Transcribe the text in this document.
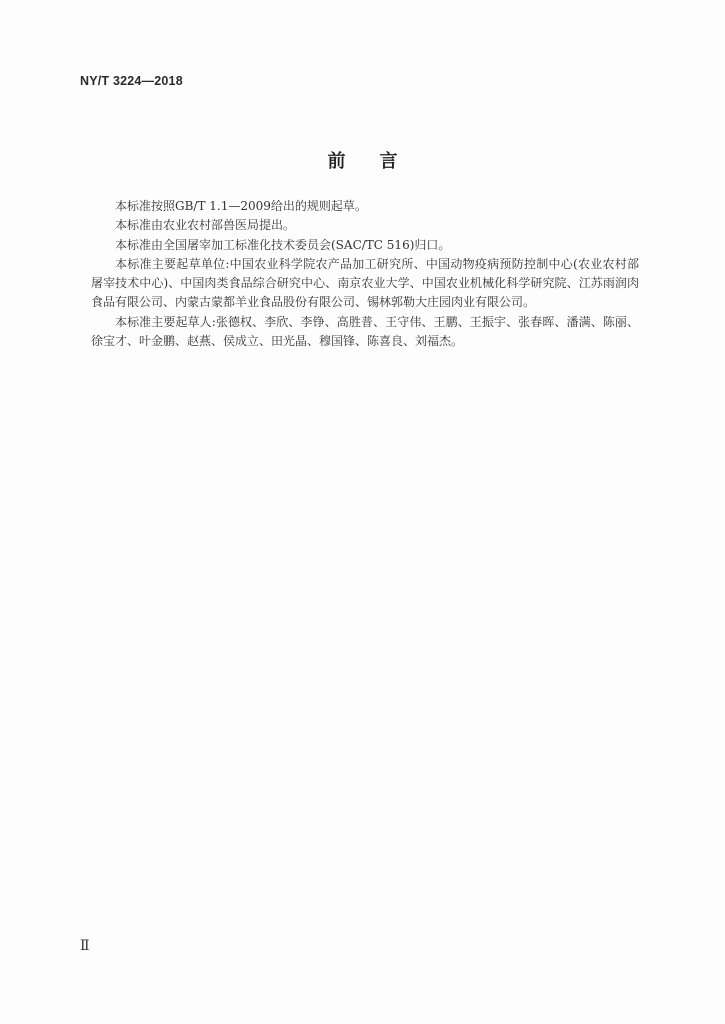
NY/T 3224—2018
前言

本标准按照GB/T 1.1—2009给出的规则起草。

本标准由农业农村部兽医局提出。

本标准由全国屠宰加工标准化技术委员会(SAC/TC 516)归口。

本标准主要起草单位:中国农业科学院农产品加工研究所、中国动物疫病预防控制中心(农业农村部屠宰技术中心)、中国肉类食品综合研究中心、南京农业大学、中国农业机械化科学研究院、江苏雨润肉食品有限公司、内蒙古蒙都羊业食品股份有限公司、锡林郭勒大庄园肉业有限公司。

本标准主要起草人:张德权、李欣、李铮、高胜普、王守伟、王鹏、王振宇、张春晖、潘满、陈丽、徐宝才、叶金鹏、赵燕、侯成立、田光晶、穆国锋、陈喜良、刘福杰。

Ⅱ
